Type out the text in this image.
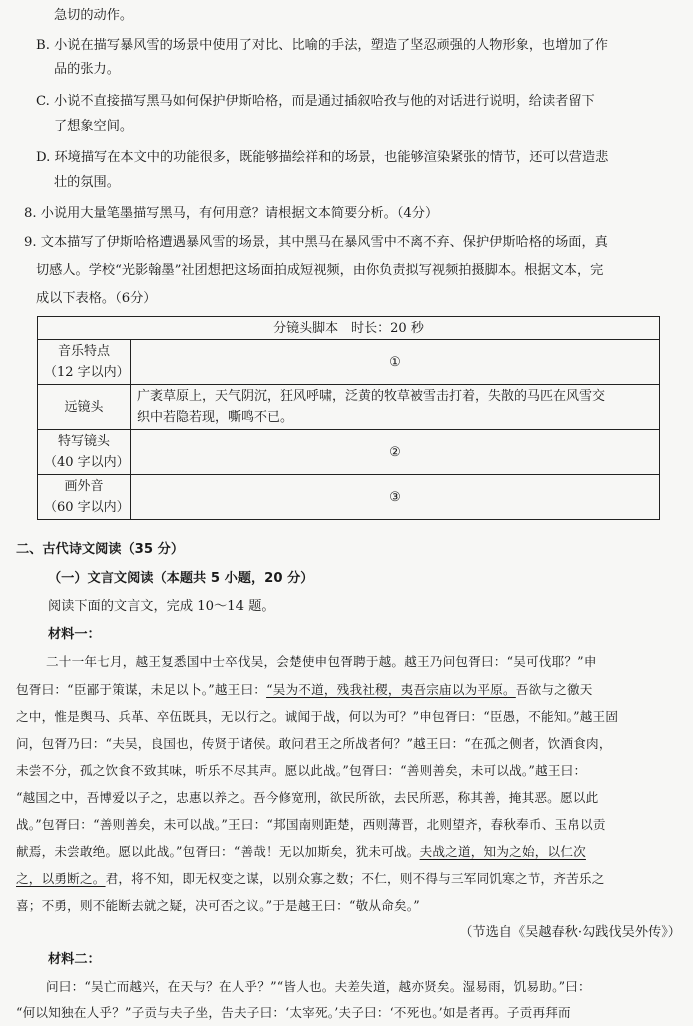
急切的动作。
B. 小说在描写暴风雪的场景中使用了对比、比喻的手法，塑造了坚忍顽强的人物形象，也增加了作
品的张力。
C. 小说不直接描写黑马如何保护伊斯哈格，而是通过插叙哈孜与他的对话进行说明，给读者留下
了想象空间。
D. 环境描写在本文中的功能很多，既能够描绘祥和的场景，也能够渲染紧张的情节，还可以营造悲
壮的氛围。
8. 小说用大量笔墨描写黑马，有何用意？请根据文本简要分析。（4分）
9. 文本描写了伊斯哈格遭遇暴风雪的场景，其中黑马在暴风雪中不离不弃、保护伊斯哈格的场面，真
切感人。学校“光影翰墨”社团想把这场面拍成短视频，由你负责拟写视频拍摄脚本。根据文本，完
成以下表格。（6分）
分镜头脚本　时长：20 秒	

音乐特点
（12 字以内）	①
远镜头	广袤草原上，天气阴沉，狂风呼啸，泛黄的牧草被雪击打着，失散的马匹在风雪交
织中若隐若现，嘶鸣不已。

特写镜头
（40 字以内）	②

画外音
（60 字以内）	③
二、古代诗文阅读（35 分）
（一）文言文阅读（本题共 5 小题，20 分）
阅读下面的文言文，完成 10～14 题。
材料一：
二十一年七月，越王复悉国中士卒伐吴，会楚使申包胥聘于越。越王乃问包胥曰：“吴可伐耶？”申
包胥曰：“臣鄙于策谋，未足以卜。”越王曰：“吴为不道，残我社稷，夷吾宗庙以为平原。吾欲与之徼天
之中，惟是舆马、兵革、卒伍既具，无以行之。诚闻于战，何以为可？”申包胥曰：“臣愚，不能知。”越王固
问，包胥乃曰：“夫吴，良国也，传贤于诸侯。敢问君王之所战者何？”越王曰：“在孤之侧者，饮酒食肉，
未尝不分，孤之饮食不致其味，听乐不尽其声。愿以此战。”包胥曰：“善则善矣，未可以战。”越王曰：
“越国之中，吾博爱以子之，忠惠以养之。吾今修宽刑，欲民所欲，去民所恶，称其善，掩其恶。愿以此
战。”包胥曰：“善则善矣，未可以战。”王曰：“邦国南则距楚，西则薄晋，北则望齐，春秋奉币、玉帛以贡
献焉，未尝敢绝。愿以此战。”包胥曰：“善哉！无以加斯矣，犹未可战。夫战之道，知为之始，以仁次
之，以勇断之。君，将不知，即无权变之谋，以别众寡之数；不仁，则不得与三军同饥寒之节，齐苦乐之
喜；不勇，则不能断去就之疑，决可否之议。”于是越王曰：“敬从命矣。”
（节选自《吴越春秋·勾践伐吴外传》）
材料二：
问曰：“吴亡而越兴，在天与？在人乎？”“皆人也。夫差失道，越亦贤矣。湿易雨，饥易助。”曰：
“何以知独在人乎？”子贡与夫子坐，告夫子曰：‘太宰死。’夫子曰：‘不死也。’如是者再。子贡再拜而
